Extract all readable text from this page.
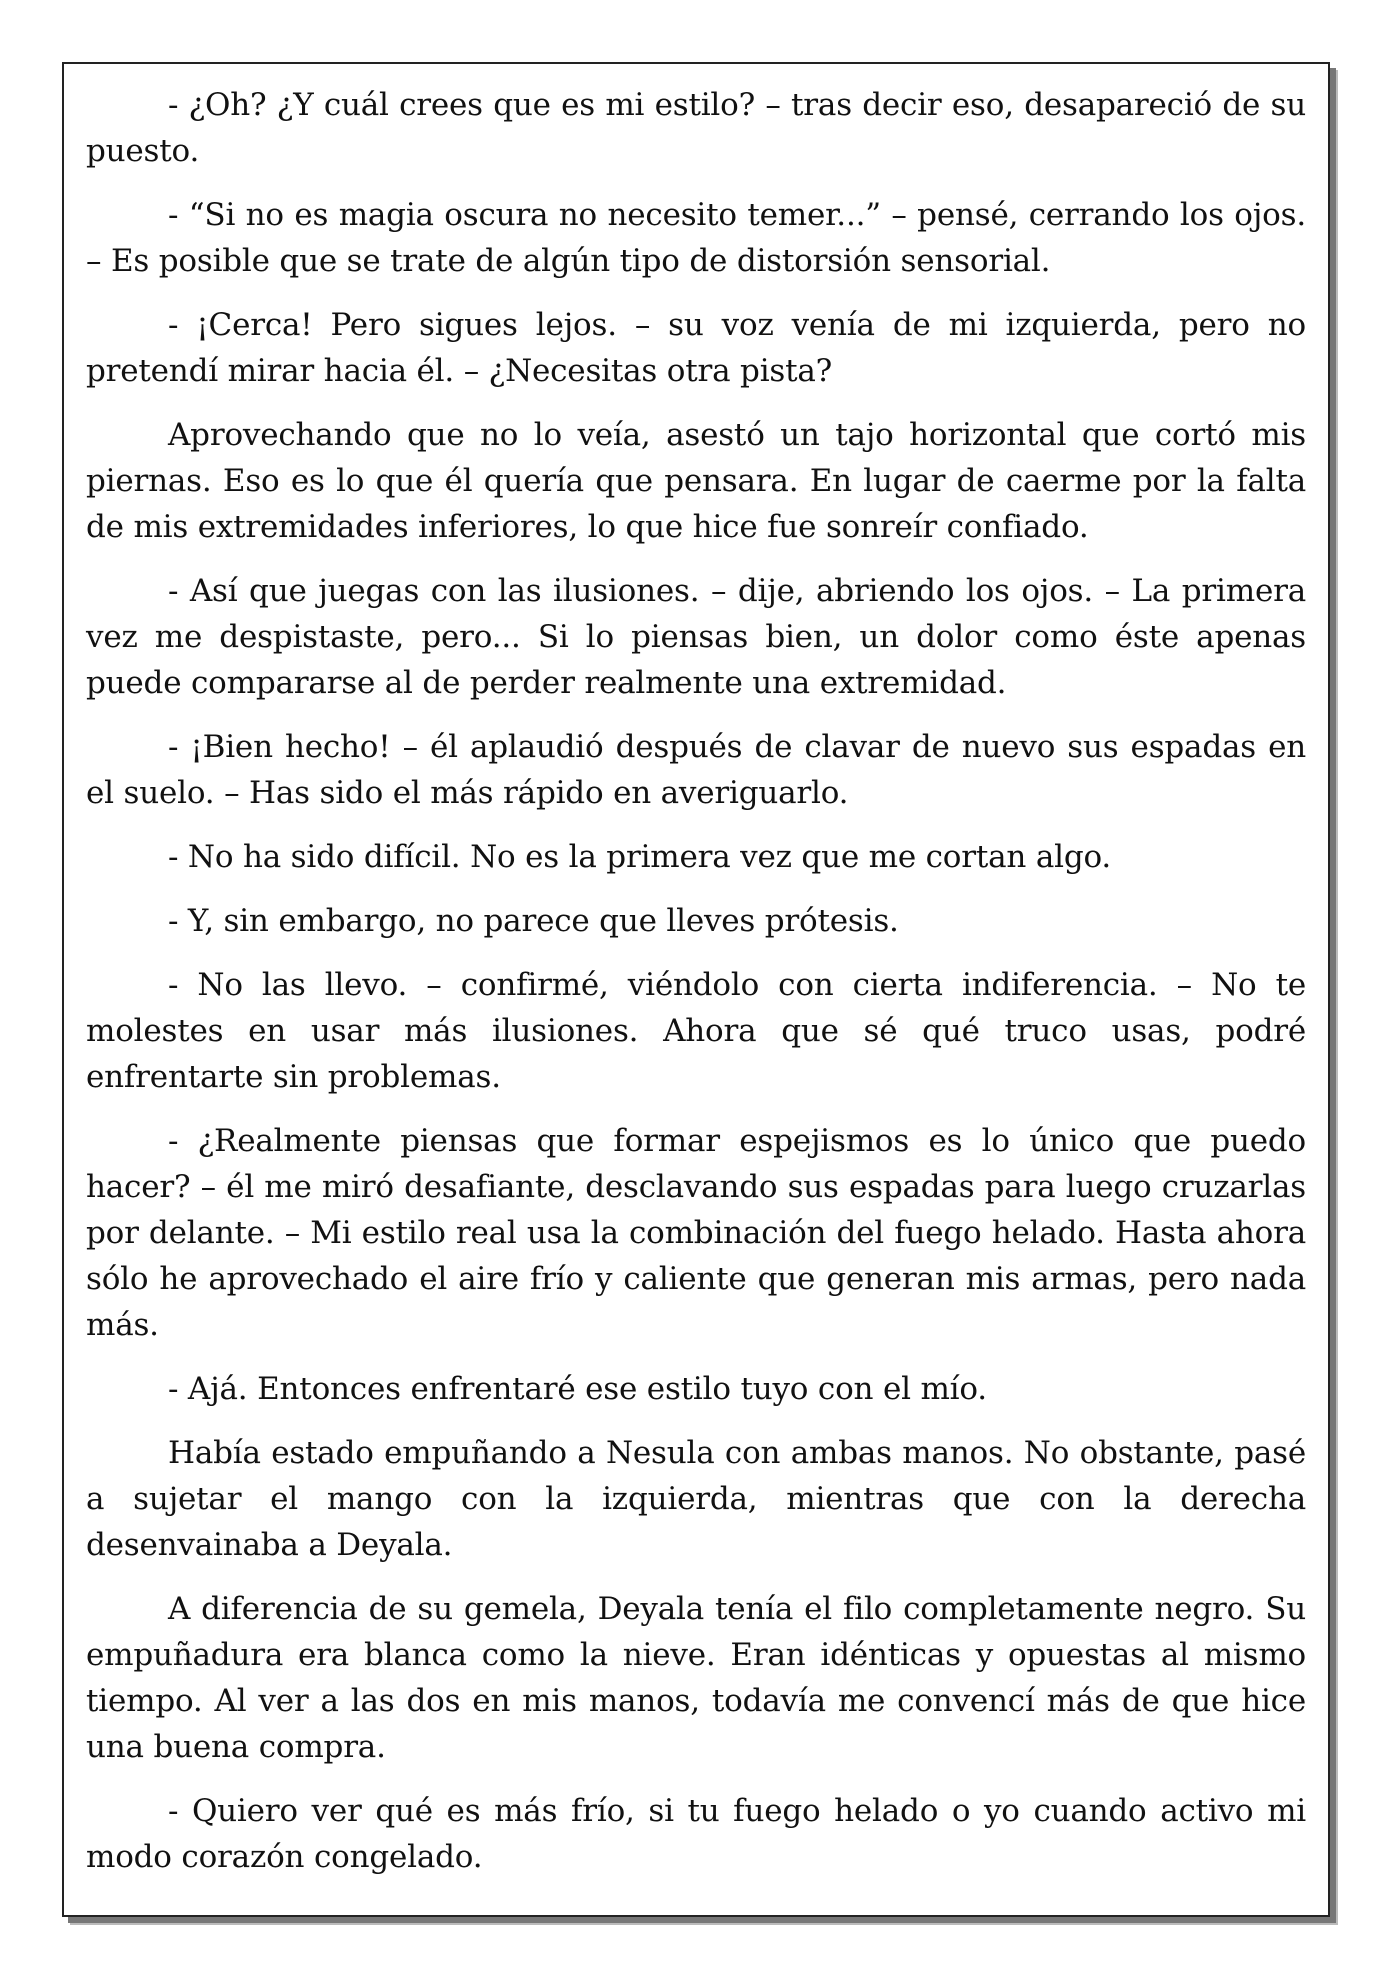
- ¿Oh? ¿Y cuál crees que es mi estilo? – tras decir eso, desapareció de su puesto.

- “Si no es magia oscura no necesito temer...” – pensé, cerrando los ojos. – Es posible que se trate de algún tipo de distorsión sensorial.

- ¡Cerca! Pero sigues lejos. – su voz venía de mi izquierda, pero no pretendí mirar hacia él. – ¿Necesitas otra pista?

Aprovechando que no lo veía, asestó un tajo horizontal que cortó mis piernas. Eso es lo que él quería que pensara. En lugar de caerme por la falta de mis extremidades inferiores, lo que hice fue sonreír confiado.

- Así que juegas con las ilusiones. – dije, abriendo los ojos. – La primera vez me despistaste, pero... Si lo piensas bien, un dolor como éste apenas puede compararse al de perder realmente una extremidad.

- ¡Bien hecho! – él aplaudió después de clavar de nuevo sus espadas en el suelo. – Has sido el más rápido en averiguarlo.

- No ha sido difícil. No es la primera vez que me cortan algo.

- Y, sin embargo, no parece que lleves prótesis.

- No las llevo. – confirmé, viéndolo con cierta indiferencia. – No te molestes en usar más ilusiones. Ahora que sé qué truco usas, podré enfrentarte sin problemas.

- ¿Realmente piensas que formar espejismos es lo único que puedo hacer? – él me miró desafiante, desclavando sus espadas para luego cruzarlas por delante. – Mi estilo real usa la combinación del fuego helado. Hasta ahora sólo he aprovechado el aire frío y caliente que generan mis armas, pero nada más.

- Ajá. Entonces enfrentaré ese estilo tuyo con el mío.

Había estado empuñando a Nesula con ambas manos. No obstante, pasé a sujetar el mango con la izquierda, mientras que con la derecha desenvainaba a Deyala.

A diferencia de su gemela, Deyala tenía el filo completamente negro. Su empuñadura era blanca como la nieve. Eran idénticas y opuestas al mismo tiempo. Al ver a las dos en mis manos, todavía me convencí más de que hice una buena compra.

- Quiero ver qué es más frío, si tu fuego helado o yo cuando activo mi modo corazón congelado.
